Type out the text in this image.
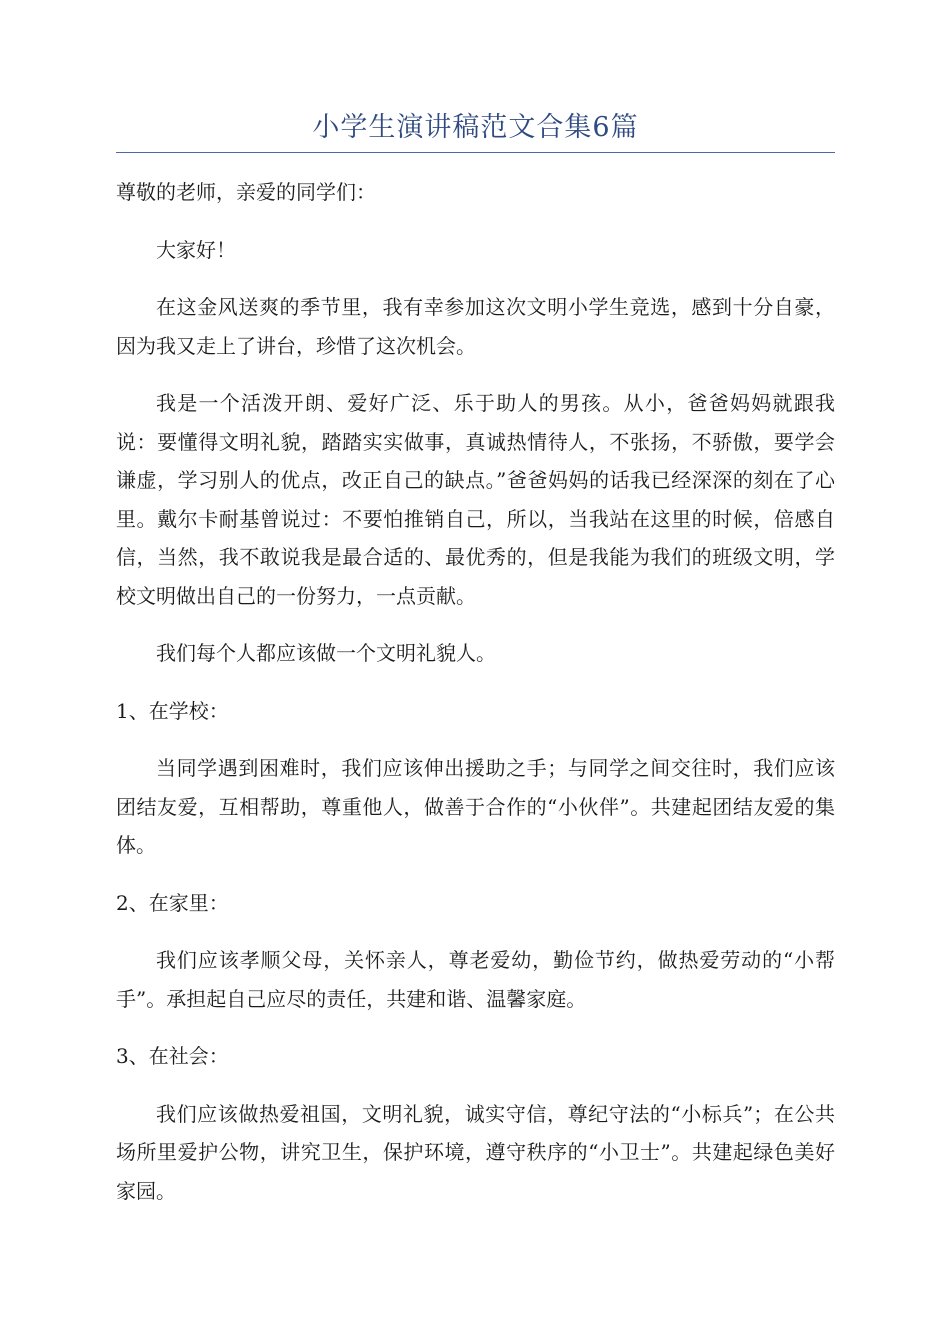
小学生演讲稿范文合集6篇

尊敬的老师，亲爱的同学们：

大家好！

在这金风送爽的季节里，我有幸参加这次文明小学生竞选，感到十分自豪，因为我又走上了讲台，珍惜了这次机会。

我是一个活泼开朗、爱好广泛、乐于助人的男孩。从小，爸爸妈妈就跟我说：要懂得文明礼貌，踏踏实实做事，真诚热情待人，不张扬，不骄傲，要学会谦虚，学习别人的优点，改正自己的缺点。”爸爸妈妈的话我已经深深的刻在了心里。戴尔卡耐基曾说过：不要怕推销自己，所以，当我站在这里的时候，倍感自信，当然，我不敢说我是最合适的、最优秀的，但是我能为我们的班级文明，学校文明做出自己的一份努力，一点贡献。

我们每个人都应该做一个文明礼貌人。

1、在学校：

当同学遇到困难时，我们应该伸出援助之手；与同学之间交往时，我们应该团结友爱，互相帮助，尊重他人，做善于合作的“小伙伴”。共建起团结友爱的集体。

2、在家里：

我们应该孝顺父母，关怀亲人，尊老爱幼，勤俭节约，做热爱劳动的“小帮手”。承担起自己应尽的责任，共建和谐、温馨家庭。

3、在社会：

我们应该做热爱祖国，文明礼貌，诚实守信，尊纪守法的“小标兵”；在公共场所里爱护公物，讲究卫生，保护环境，遵守秩序的“小卫士”。共建起绿色美好家园。
